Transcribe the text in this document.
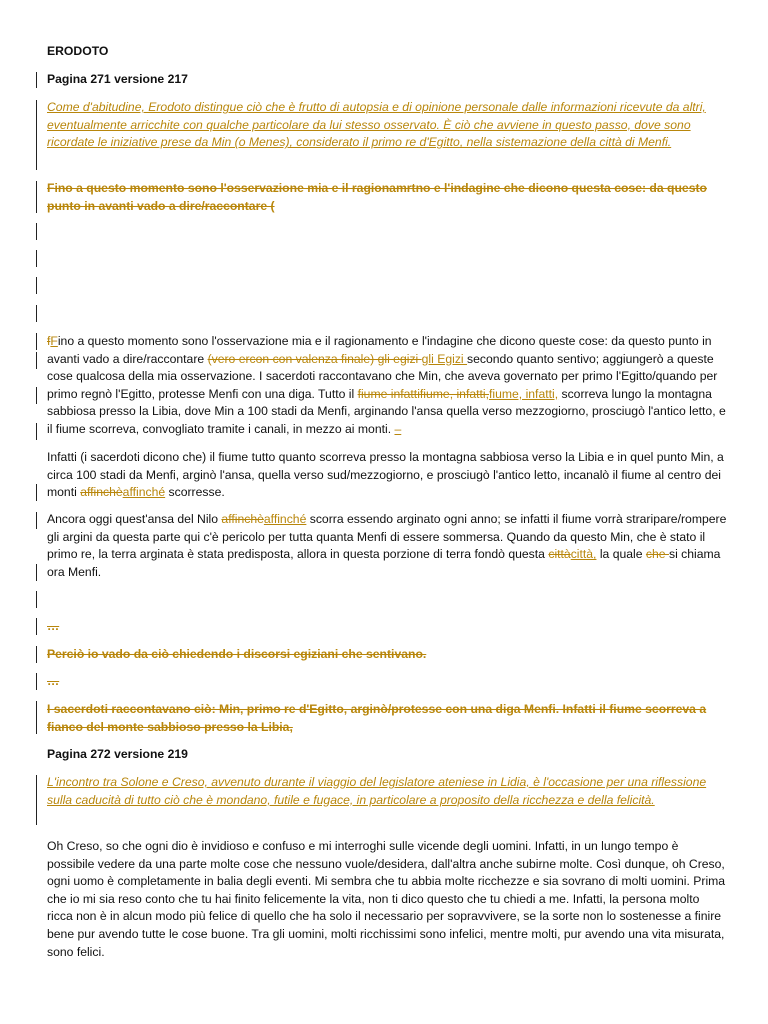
ERODOTO

Pagina 271 versione 217

Come d'abitudine, Erodoto distingue ciò che è frutto di autopsia e di opinione personale dalle informazioni ricevute da altri, eventualmente arricchite con qualche particolare da lui stesso osservato. È ciò che avviene in questo passo, dove sono ricordate le iniziative prese da Min (o Menes), considerato il primo re d'Egitto, nella sistemazione della città di Menfi.

Fino a questo momento sono l'osservazione mia e il ragionamrtno e l'indagine che dicono questa cose: da questo punto in avanti vado a dire/raccontare (

fFino a questo momento sono l'osservazione mia e il ragionamento e l'indagine che dicono queste cose: da questo punto in avanti vado a dire/raccontare (vero ercon con valenza finale) gli egizi gli Egizi secondo quanto sentivo; aggiungerò a queste cose qualcosa della mia osservazione. I sacerdoti raccontavano che Min, che aveva governato per primo l'Egitto/quando per primo regnò l'Egitto, protesse Menfi con una diga. Tutto il fiume infattifiume, infatti,fiume, infatti, scorreva lungo la montagna sabbiosa presso la Libia, dove Min a 100 stadi da Menfi, arginando l'ansa quella verso mezzogiorno, prosciugò l'antico letto, e il fiume scorreva, convogliato tramite i canali, in mezzo ai monti. –

Infatti (i sacerdoti dicono che) il fiume tutto quanto scorreva presso la montagna sabbiosa verso la Libia e in quel punto Min, a circa 100 stadi da Menfi, arginò l'ansa, quella verso sud/mezzogiorno, e prosciugò l'antico letto, incanalò il fiume al centro dei monti affinchèaffinché scorresse.

Ancora oggi quest'ansa del Nilo affinchèaffinché scorra essendo arginato ogni anno; se infatti il fiume vorrà straripare/rompere gli argini da questa parte qui c'è pericolo per tutta quanta Menfi di essere sommersa. Quando da questo Min, che è stato il primo re, la terra arginata è stata predisposta, allora in questa porzione di terra fondò questa cittàcittà, la quale che si chiama ora Menfi.

…

Perciò io vado da ciò chiedendo i discorsi egiziani che sentivano.

…

I sacerdoti raccontavano ciò: Min, primo re d'Egitto, arginò/protesse con una diga Menfi. Infatti il fiume scorreva a fianco del monte sabbioso presso la Libia,

Pagina 272 versione 219

L'incontro tra Solone e Creso, avvenuto durante il viaggio del legislatore ateniese in Lidia, è l'occasione per una riflessione sulla caducità di tutto ciò che è mondano, futile e fugace, in particolare a proposito della ricchezza e della felicità.

Oh Creso, so che ogni dio è invidioso e confuso e mi interroghi sulle vicende degli uomini. Infatti, in un lungo tempo è possibile vedere da una parte molte cose che nessuno vuole/desidera, dall'altra anche subirne molte. Così dunque, oh Creso, ogni uomo è completamente in balia degli eventi. Mi sembra che tu abbia molte ricchezze e sia sovrano di molti uomini. Prima che io mi sia reso conto che tu hai finito felicemente la vita, non ti dico questo che tu chiedi a me. Infatti, la persona molto ricca non è in alcun modo più felice di quello che ha solo il necessario per sopravvivere, se la sorte non lo sostenesse a finire bene pur avendo tutte le cose buone. Tra gli uomini, molti ricchissimi sono infelici, mentre molti, pur avendo una vita misurata, sono felici.
